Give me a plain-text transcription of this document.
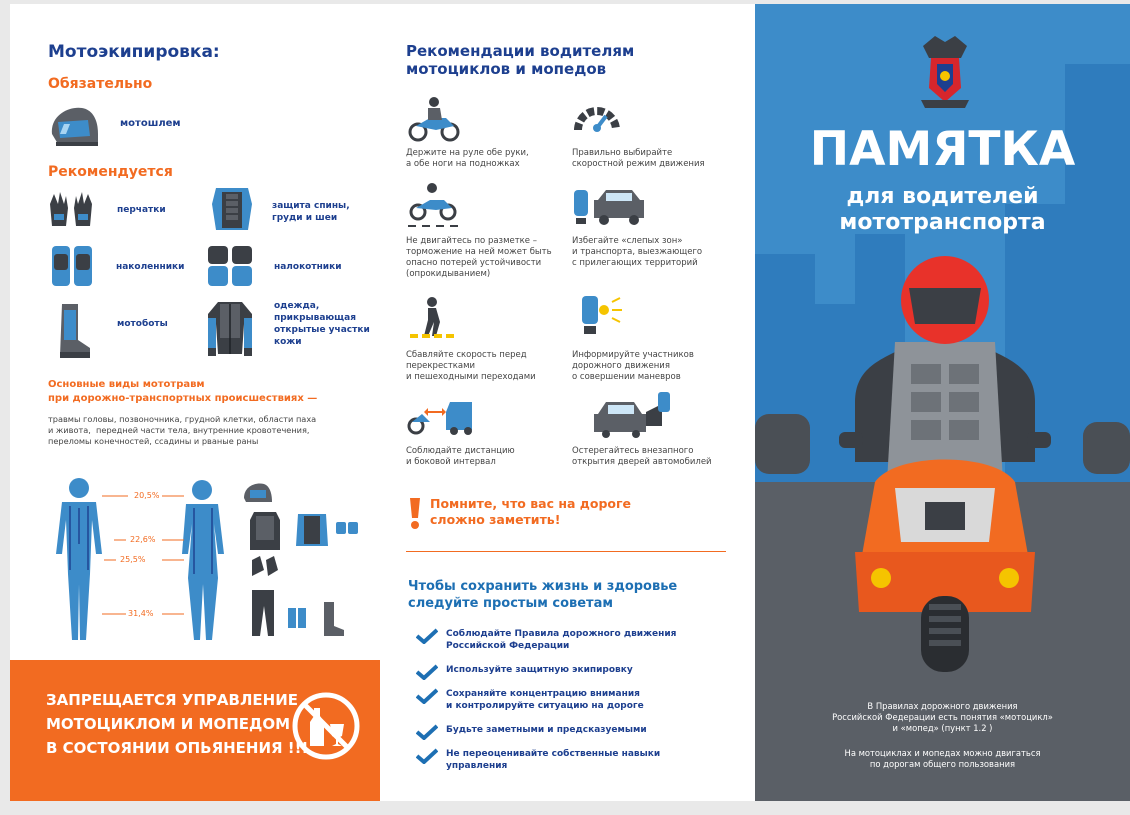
Мотоэкипировка:
Обязательно
мотошлем
Рекомендуется
перчатки	защита спины,
груди и шеи
наколенники	налокотники
мотоботы
одежда,
прикрывающая
открытые участки
кожи
Основные виды мототравм
при дорожно-транспортных происшествиях —
травмы головы, позвоночника, грудной клетки, области паха
и живота,  передней части тела, внутренние кровотечения,
переломы конечностей, ссадины и рваные раны
20,5%
22,6%
25,5%
31,4%
ЗАПРЕЩАЕТСЯ УПРАВЛЕНИЕ
МОТОЦИКЛОМ И МОПЕДОМ
В СОСТОЯНИИ ОПЬЯНЕНИЯ !!!
Рекомендации водителям
мотоциклов и мопедов
Держите на руле обе руки,
а обе ноги на подножках
Правильно выбирайте
скоростной режим движения
Не двигайтесь по разметке –
торможение на ней может быть
опасно потерей устойчивости
(опрокидыванием)
Избегайте «слепых зон»
и транспорта, выезжающего
с прилегающих территорий
Сбавляйте скорость перед
перекрестками
и пешеходными переходами
Информируйте участников
дорожного движения
о совершении маневров
Соблюдайте дистанцию
и боковой интервал
Остерегайтесь внезапного
открытия дверей автомобилей
Помните, что вас на дороге
сложно заметить!
Чтобы сохранить жизнь и здоровье
следуйте простым советам
Соблюдайте Правила дорожного движения
Российской Федерации
Используйте защитную экипировку
Сохраняйте концентрацию внимания
и контролируйте ситуацию на дороге
Будьте заметными и предсказуемыми
Не переоценивайте собственные навыки
управления
ПАМЯТКА
для водителей
мототранспорта
В Правилах дорожного движения
Российской Федерации есть понятия «мотоцикл»
и «мопед» (пункт 1.2 )
На мотоциклах и мопедах можно двигаться
по дорогам общего пользования
